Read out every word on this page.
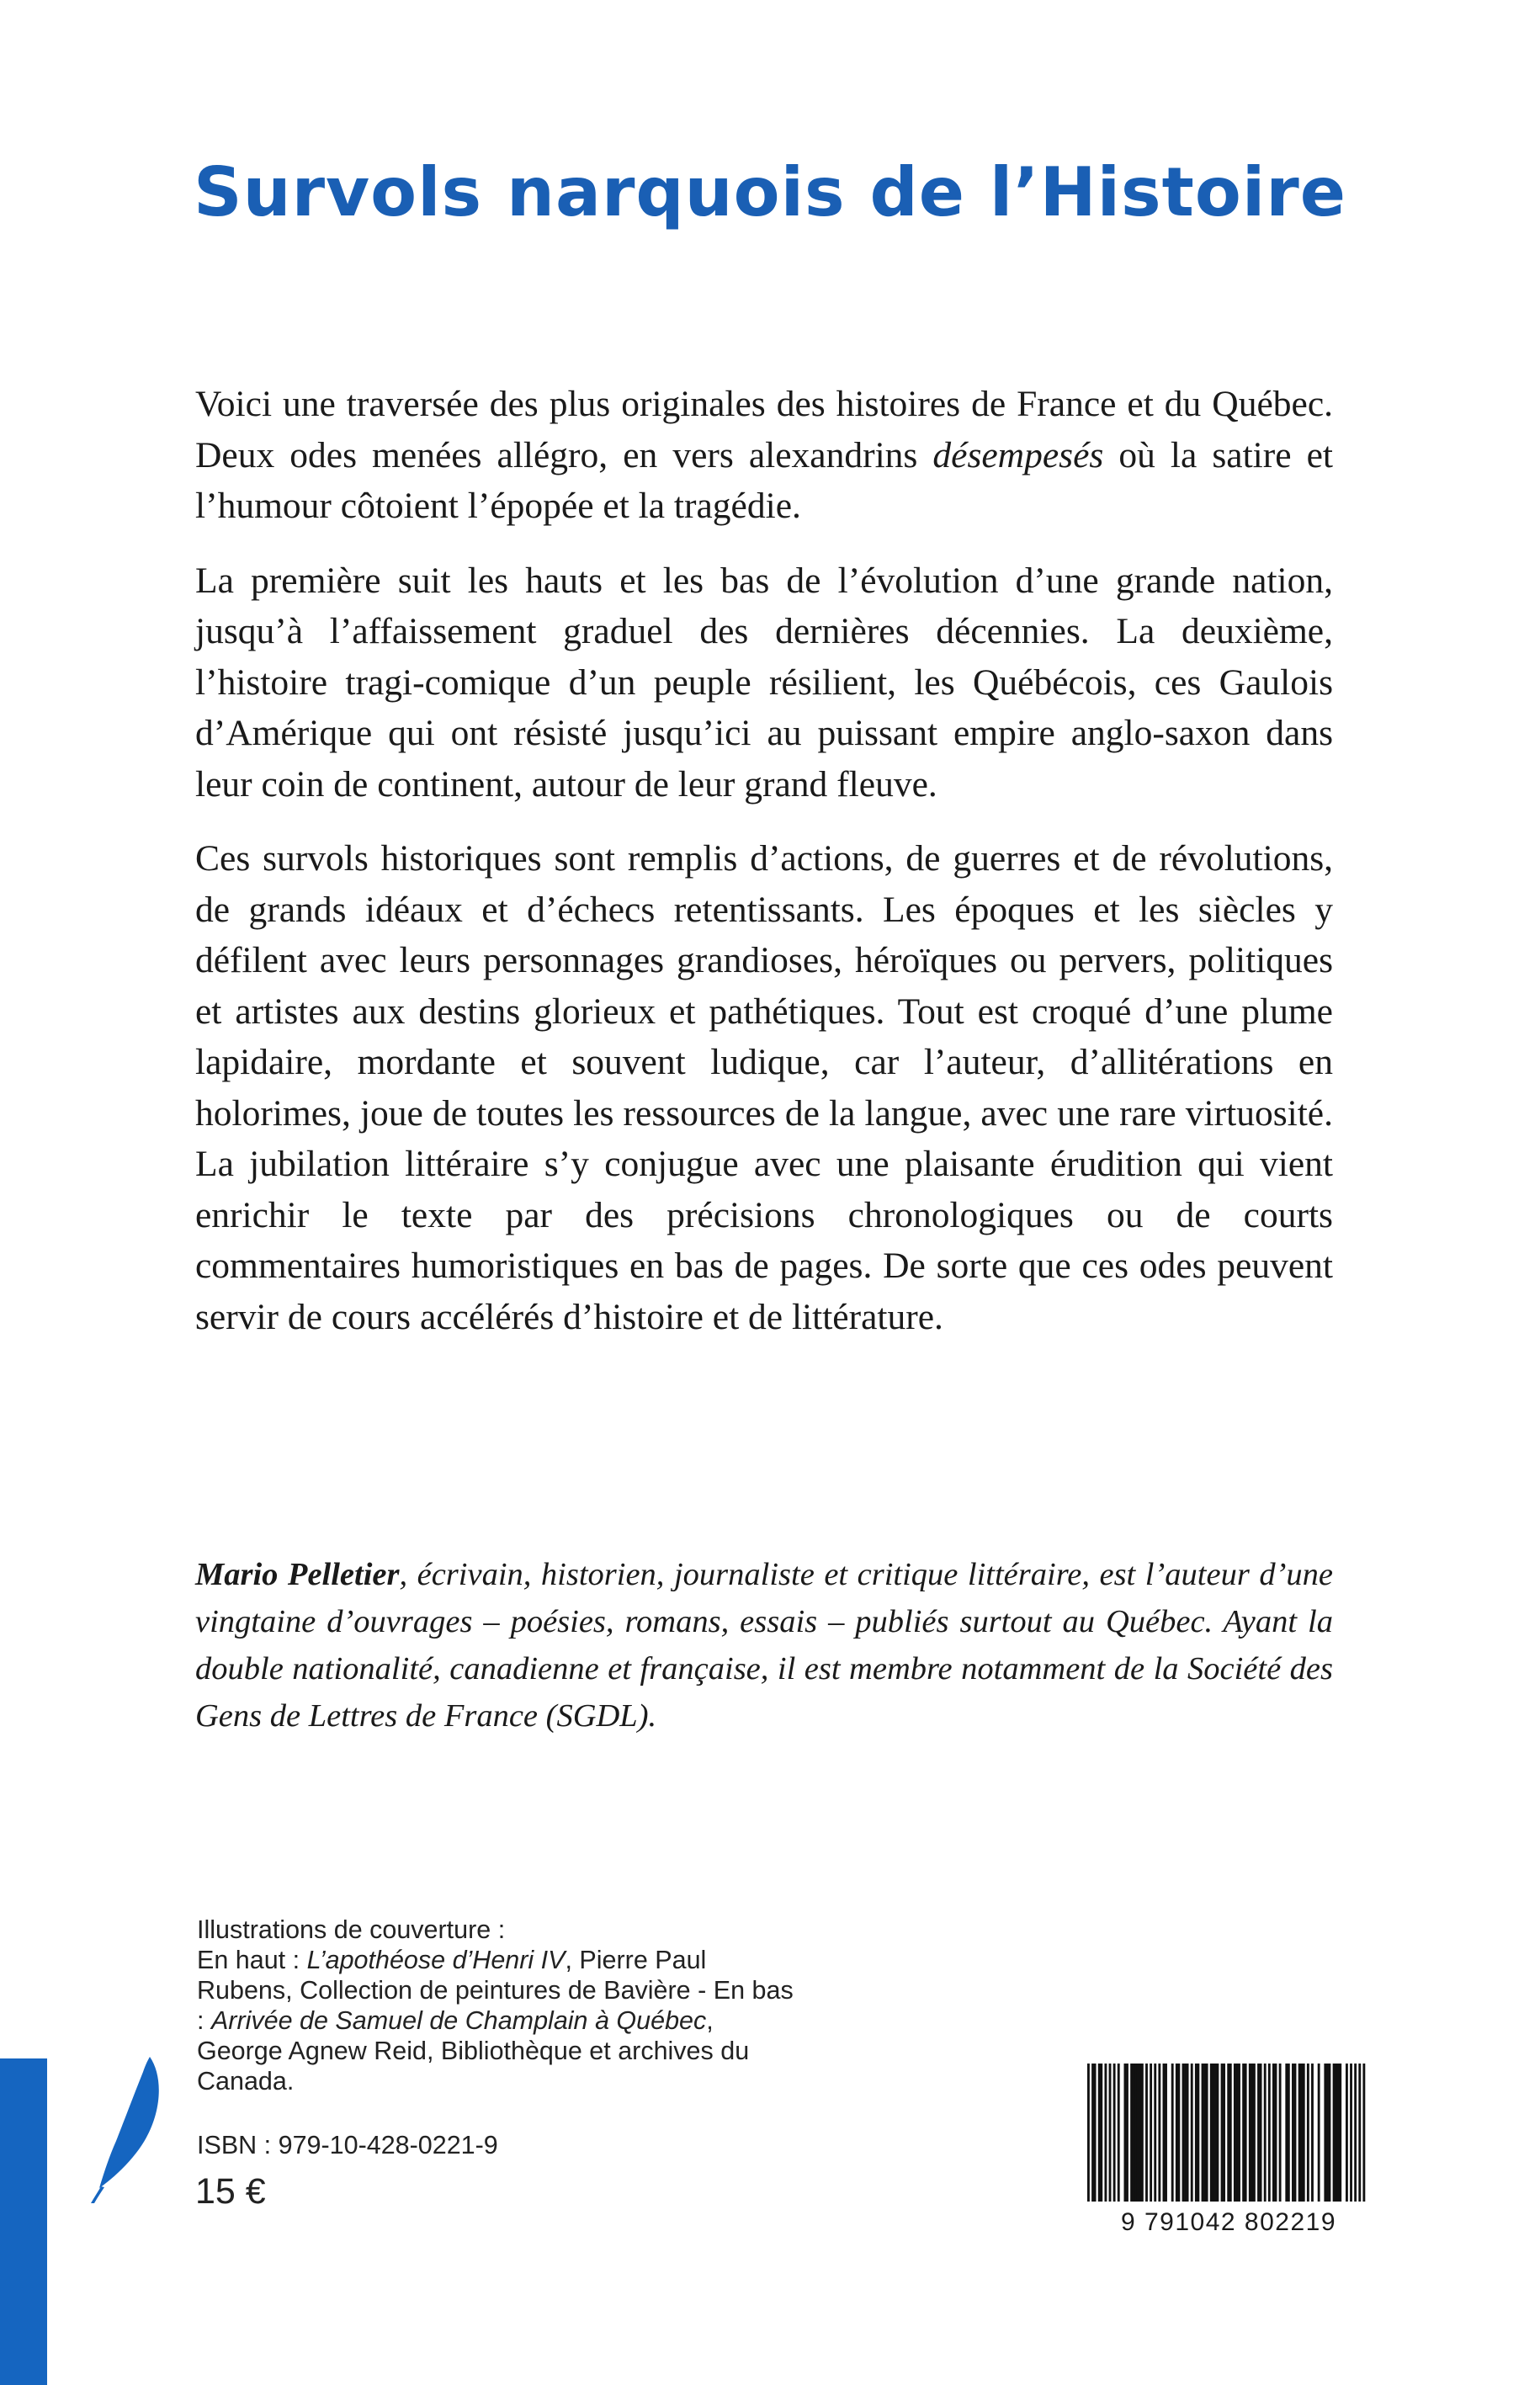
Survols narquois de l’Histoire

Voici une traversée des plus originales des histoires de France et du Québec. Deux odes menées allégro, en vers alexandrins désempesés où la satire et l’humour côtoient l’épopée et la tragédie.

La première suit les hauts et les bas de l’évolution d’une grande nation, jusqu’à l’affaissement graduel des dernières décennies. La deuxième, l’histoire tragi-comique d’un peuple résilient, les Québécois, ces Gaulois d’Amérique qui ont résisté jusqu’ici au puissant empire anglo-saxon dans leur coin de continent, autour de leur grand fleuve.

Ces survols historiques sont remplis d’actions, de guerres et de révolutions, de grands idéaux et d’échecs retentissants. Les époques et les siècles y défilent avec leurs personnages grandioses, héroïques ou pervers, politiques et artistes aux destins glorieux et pathétiques. Tout est croqué d’une plume lapidaire, mordante et souvent ludique, car l’auteur, d’allitérations en holorimes, joue de toutes les ressources de la langue, avec une rare virtuosité. La jubilation littéraire s’y conjugue avec une plaisante érudition qui vient enrichir le texte par des précisions chronologiques ou de courts commentaires humoristiques en bas de pages. De sorte que ces odes peuvent servir de cours accélérés d’histoire et de littérature.

Mario Pelletier, écrivain, historien, journaliste et critique littéraire, est l’auteur d’une vingtaine d’ouvrages – poésies, romans, essais – publiés surtout au Québec. Ayant la double nationalité, canadienne et française, il est membre notamment de la Société des Gens de Lettres de France (SGDL).

Illustrations de couverture :

En haut : L’apothéose d’Henri IV, Pierre Paul Rubens, Collection de peintures de Bavière - En bas : Arrivée de Samuel de Champlain à Québec, George Agnew Reid, Bibliothèque et archives du Canada.

ISBN : 979-10-428-0221-9
15 €
9 791042 802219
